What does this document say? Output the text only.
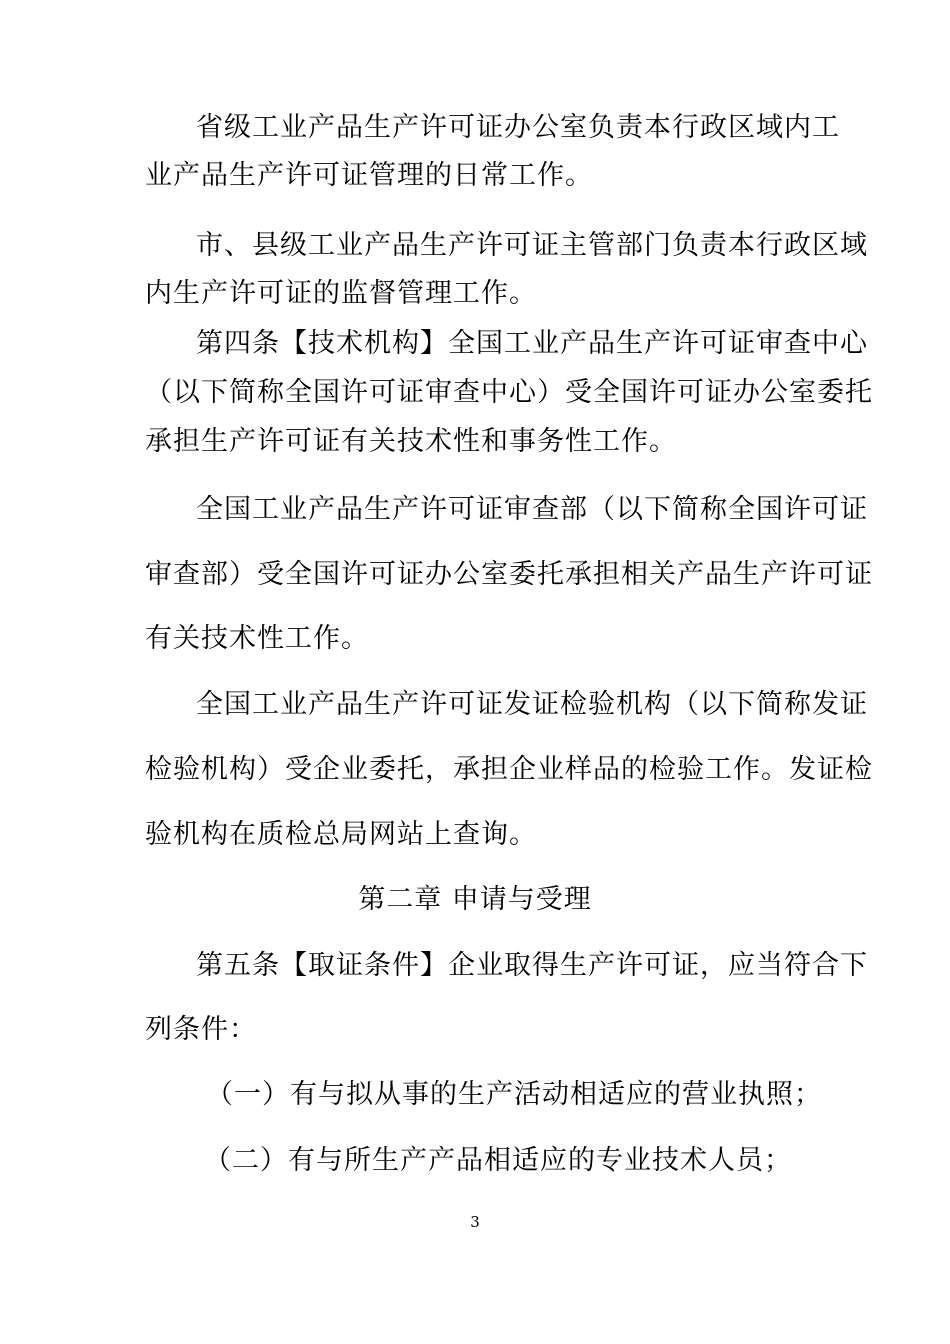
省级工业产品生产许可证办公室负责本行政区域内工
业产品生产许可证管理的日常工作。
市、县级工业产品生产许可证主管部门负责本行政区域
内生产许可证的监督管理工作。
第四条【技术机构】全国工业产品生产许可证审查中心
（以下简称全国许可证审查中心）受全国许可证办公室委托
承担生产许可证有关技术性和事务性工作。
全国工业产品生产许可证审查部（以下简称全国许可证
审查部）受全国许可证办公室委托承担相关产品生产许可证
有关技术性工作。
全国工业产品生产许可证发证检验机构（以下简称发证
检验机构）受企业委托，承担企业样品的检验工作。发证检
验机构在质检总局网站上查询。
第二章 申请与受理
第五条【取证条件】企业取得生产许可证，应当符合下
列条件：
（一）有与拟从事的生产活动相适应的营业执照；
（二）有与所生产产品相适应的专业技术人员；
3
